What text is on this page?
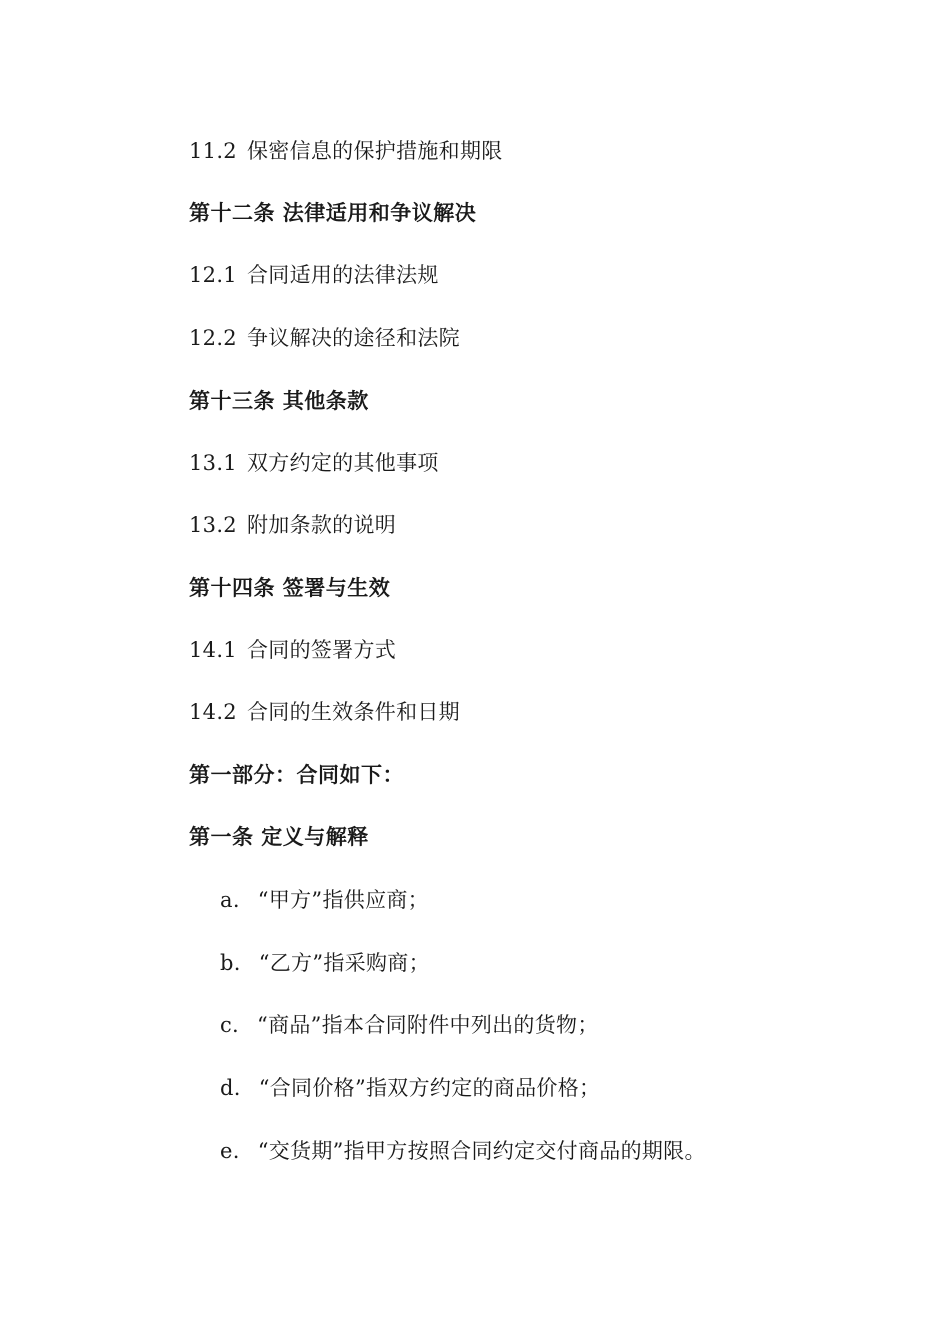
11.2 保密信息的保护措施和期限
第十二条 法律适用和争议解决
12.1 合同适用的法律法规
12.2 争议解决的途径和法院
第十三条 其他条款
13.1 双方约定的其他事项
13.2 附加条款的说明
第十四条 签署与生效
14.1 合同的签署方式
14.2 合同的生效条件和日期
第一部分：合同如下：
第一条 定义与解释
a. “甲方”指供应商；
b. “乙方”指采购商；
c. “商品”指本合同附件中列出的货物；
d. “合同价格”指双方约定的商品价格；
e. “交货期”指甲方按照合同约定交付商品的期限。
